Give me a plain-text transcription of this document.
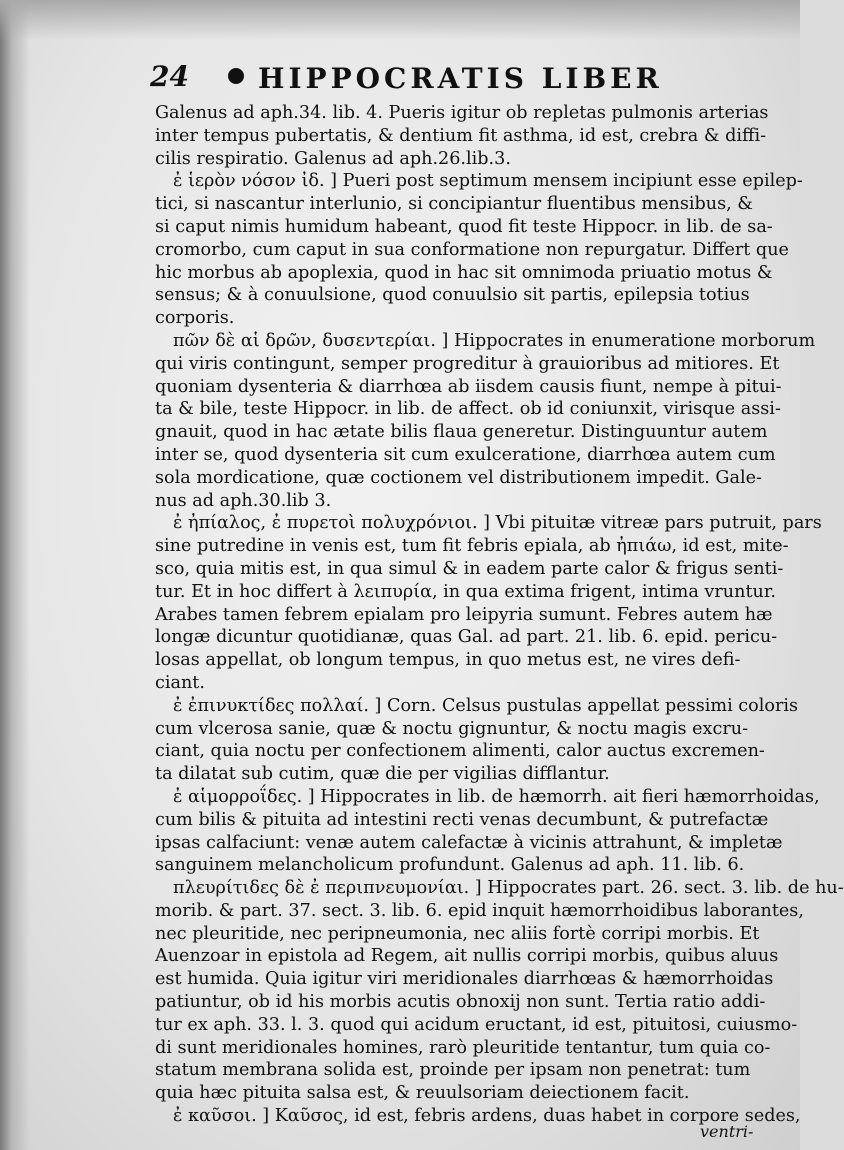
24 HIPPOCRATIS LIBER
Galenus ad aph.34. lib. 4. Pueris igitur ob repletas pulmonis arterias
inter tempus pubertatis, & dentium fit asthma, id est, crebra & diffi-
cilis respiratio. Galenus ad aph.26.lib.3.
ἐ ἱερὸν νόσον ἰδ. ] Pueri post septimum mensem incipiunt esse epilep-
tici, si nascantur interlunio, si concipiantur fluentibus mensibus, &
si caput nimis humidum habeant, quod fit teste Hippocr. in lib. de sa-
cromorbo, cum caput in sua conformatione non repurgatur. Differt que
hic morbus ab apoplexia, quod in hac sit omnimoda priuatio motus &
sensus; & à conuulsione, quod conuulsio sit partis, epilepsia totius
corporis.
πῶν δὲ αἱ δρῶν, δυσεντερίαι. ] Hippocrates in enumeratione morborum
qui viris contingunt, semper progreditur à grauioribus ad mitiores. Et
quoniam dysenteria & diarrhœa ab iisdem causis fiunt, nempe à pitui-
ta & bile, teste Hippocr. in lib. de affect. ob id coniunxit, virisque assi-
gnauit, quod in hac ætate bilis flaua generetur. Distinguuntur autem
inter se, quod dysenteria sit cum exulceratione, diarrhœa autem cum
sola mordicatione, quæ coctionem vel distributionem impedit. Gale-
nus ad aph.30.lib 3.
ἐ ἠπίαλος, ἐ πυρετοὶ πολυχρόνιοι. ] Vbi pituitæ vitreæ pars putruit, pars
sine putredine in venis est, tum fit febris epiala, ab ἠπιάω, id est, mite-
sco, quia mitis est, in qua simul & in eadem parte calor & frigus senti-
tur. Et in hoc differt à λειπυρία, in qua extima frigent, intima vruntur.
Arabes tamen febrem epialam pro leipyria sumunt. Febres autem hæ
longæ dicuntur quotidianæ, quas Gal. ad part. 21. lib. 6. epid. pericu-
losas appellat, ob longum tempus, in quo metus est, ne vires defi-
ciant.
ἐ ἐπινυκτίδες πολλαί. ] Corn. Celsus pustulas appellat pessimi coloris
cum vlcerosa sanie, quæ & noctu gignuntur, & noctu magis excru-
ciant, quia noctu per confectionem alimenti, calor auctus excremen-
ta dilatat sub cutim, quæ die per vigilias difflantur.
ἐ αἱμορροΐδες. ] Hippocrates in lib. de hæmorrh. ait fieri hæmorrhoidas,
cum bilis & pituita ad intestini recti venas decumbunt, & putrefactæ
ipsas calfaciunt: venæ autem calefactæ à vicinis attrahunt, & impletæ
sanguinem melancholicum profundunt. Galenus ad aph. 11. lib. 6.
πλευρίτιδες δὲ ἐ περιπνευμονίαι. ] Hippocrates part. 26. sect. 3. lib. de hu-
morib. & part. 37. sect. 3. lib. 6. epid inquit hæmorrhoidibus laborantes,
nec pleuritide, nec peripneumonia, nec aliis fortè corripi morbis. Et
Auenzoar in epistola ad Regem, ait nullis corripi morbis, quibus aluus
est humida. Quia igitur viri meridionales diarrhœas & hæmorrhoidas
patiuntur, ob id his morbis acutis obnoxij non sunt. Tertia ratio addi-
tur ex aph. 33. l. 3. quod qui acidum eructant, id est, pituitosi, cuiusmo-
di sunt meridionales homines, rarò pleuritide tentantur, tum quia co-
statum membrana solida est, proinde per ipsam non penetrat: tum
quia hæc pituita salsa est, & reuulsoriam deiectionem facit.
ἐ καῦσοι. ] Καῦσος, id est, febris ardens, duas habet in corpore sedes,
ventri-
